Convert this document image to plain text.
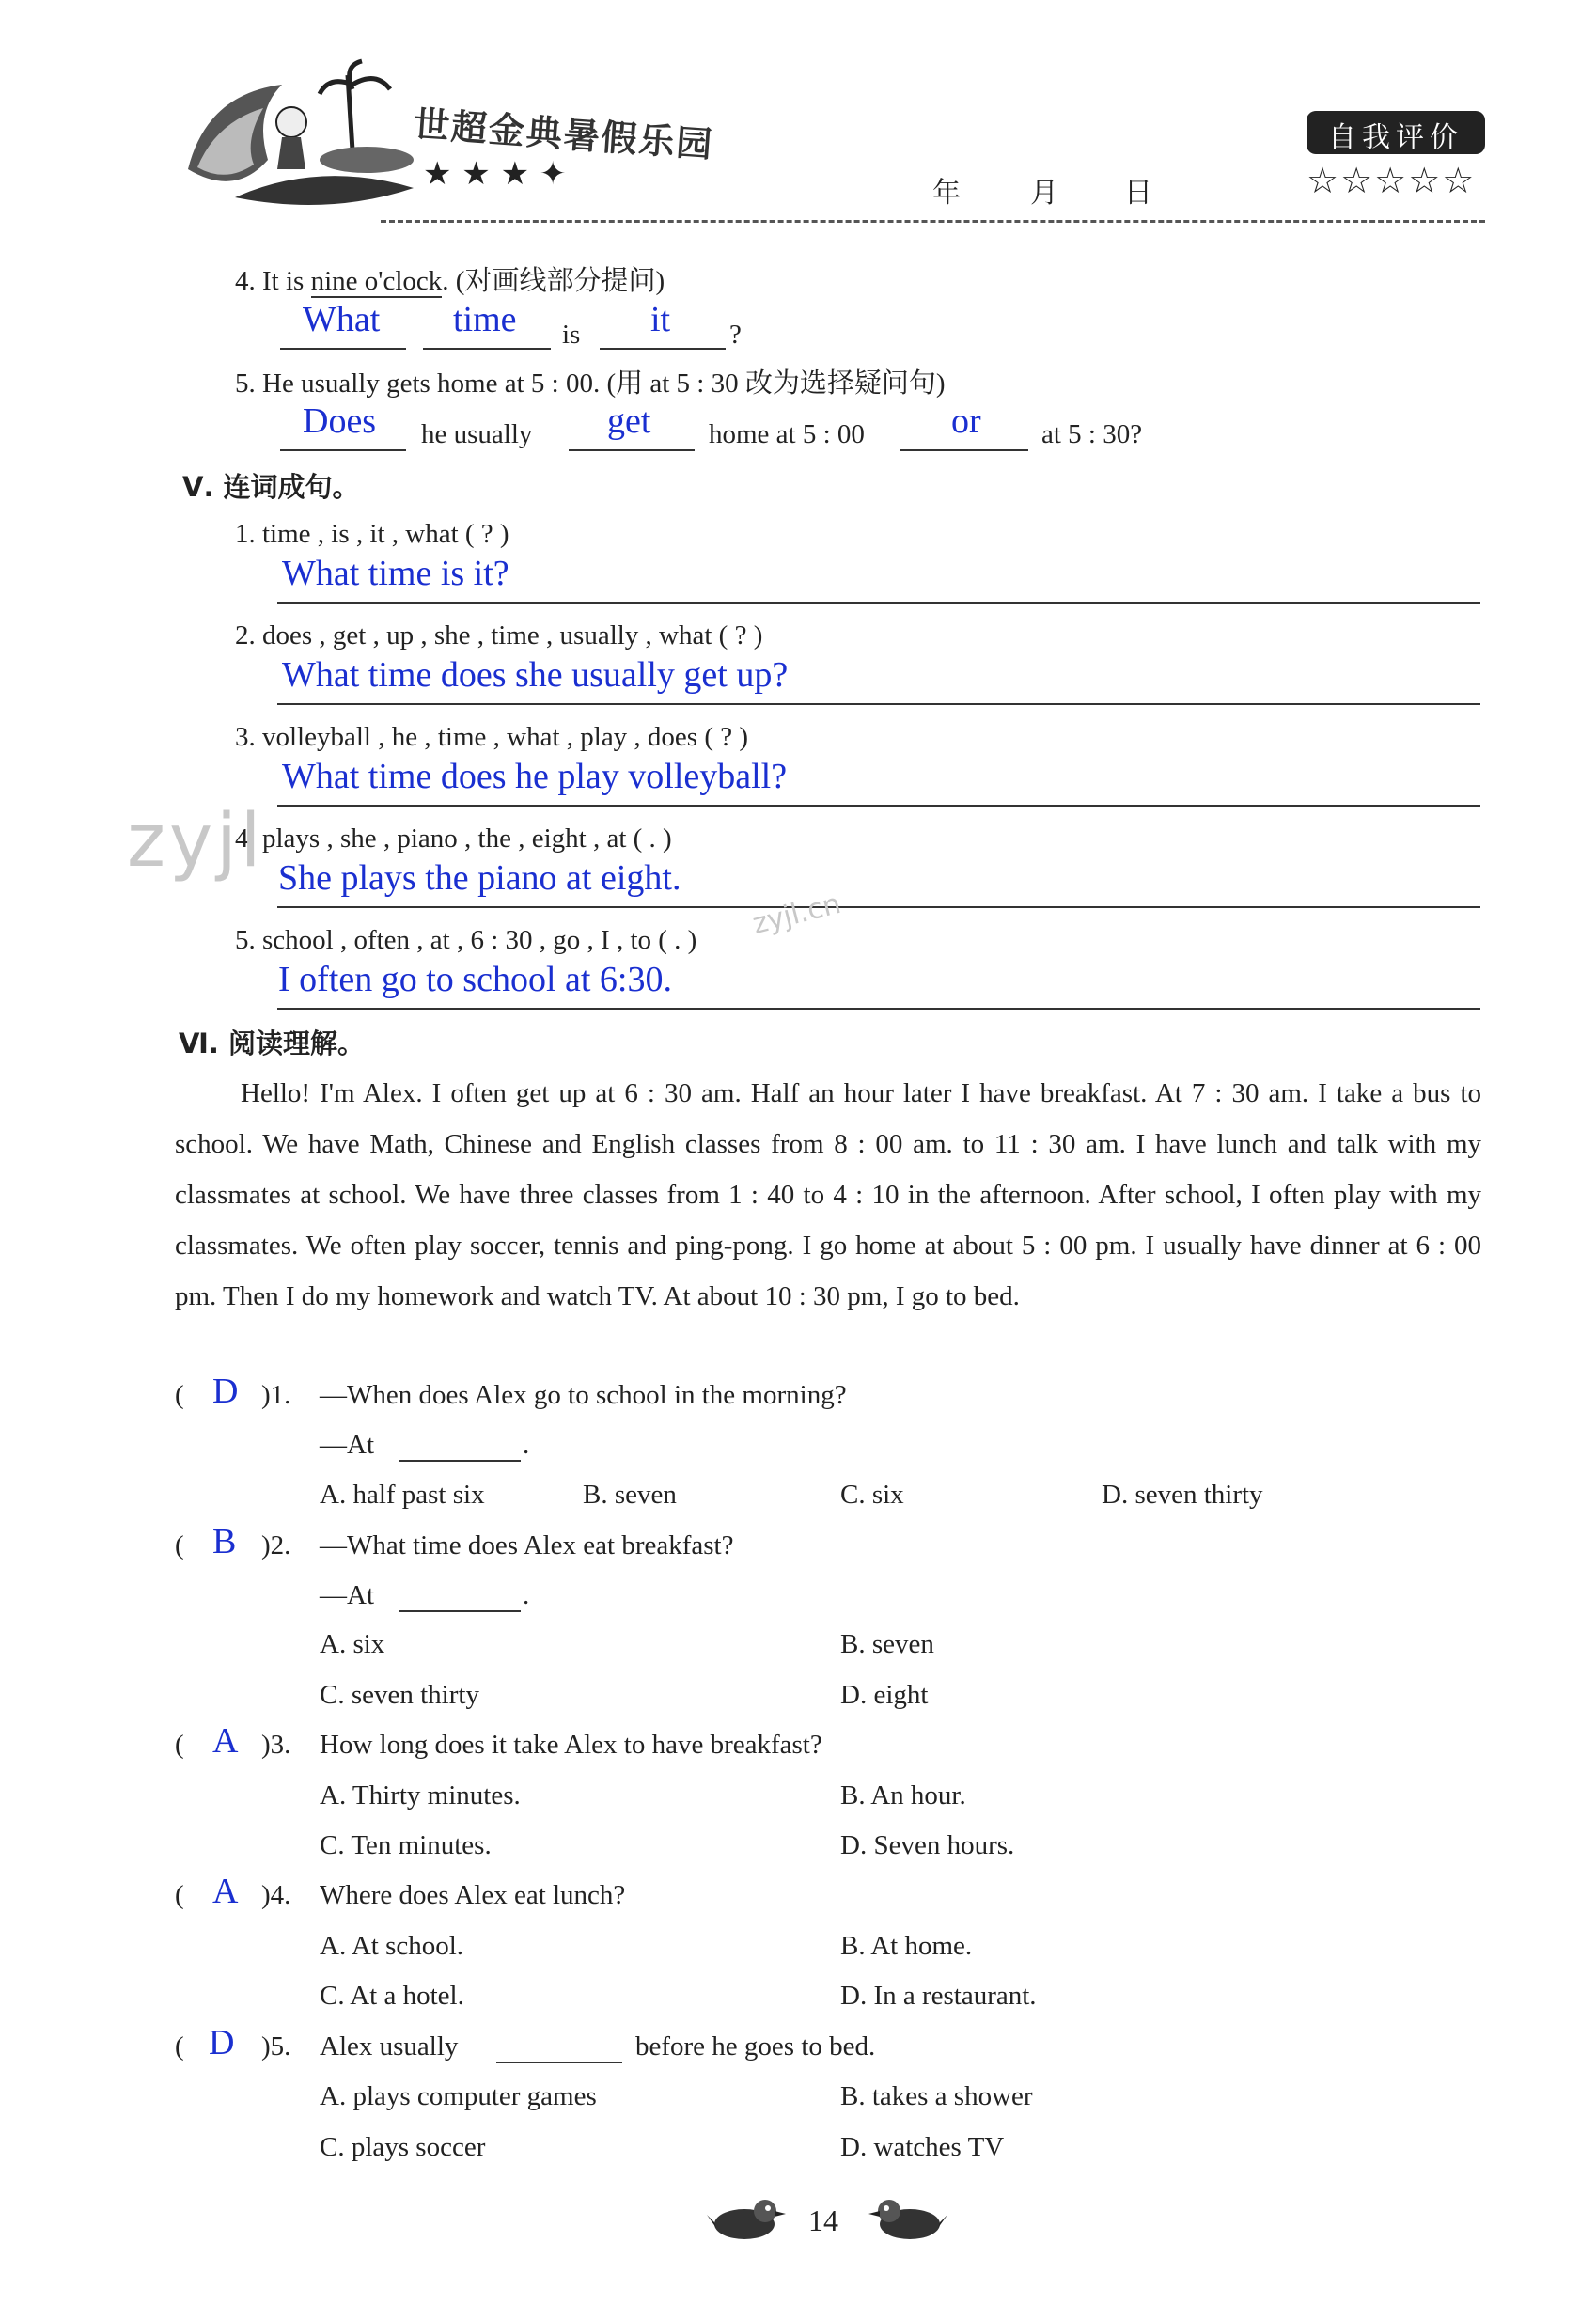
世超金典暑假乐园
★ ★ ★ ✦
年 月 日
自我评价
☆☆☆☆☆
4. It is nine o'clock. (对画线部分提问)
What time is it ?
5. He usually gets home at 5 : 00. (用 at 5 : 30 改为选择疑问句)
Does he usually get home at 5 : 00 or at 5 : 30?
Ⅴ. 连词成句。
1. time , is , it , what ( ? )
What time is it?
2. does , get , up , she , time , usually , what ( ? )
What time does she usually get up?
3. volleyball , he , time , what , play , does ( ? )
What time does he play volleyball?
4. plays , she , piano , the , eight , at ( . )
She plays the piano at eight.
5. school , often , at , 6 : 30 , go , I , to ( . )
I often go to school at 6:30.
zyjl
zyjl.cn
Ⅵ. 阅读理解。
Hello! I'm Alex. I often get up at 6 : 30 am. Half an hour later I have breakfast. At 7 : 30 am. I take a bus to school. We have Math, Chinese and English classes from 8 : 00 am. to 11 : 30 am. I have lunch and talk with my classmates at school. We have three classes from 1 : 40 to 4 : 10 in the afternoon. After school, I often play with my classmates. We often play soccer, tennis and ping-pong. I go home at about 5 : 00 pm. I usually have dinner at 6 : 00 pm. Then I do my homework and watch TV. At about 10 : 30 pm, I go to bed.
( D )1. —When does Alex go to school in the morning?
—At	.
A. half past six	B. seven	C. six	D. seven thirty
( B )2. —What time does Alex eat breakfast?
—At	.
A. six	B. seven
C. seven thirty	D. eight
( A )3. How long does it take Alex to have breakfast?
A. Thirty minutes.	B. An hour.
C. Ten minutes.	D. Seven hours.
( A )4. Where does Alex eat lunch?
A. At school.	B. At home.
C. At a hotel.	D. In a restaurant.
( D )5. Alex usually	before he goes to bed.
A. plays computer games	B. takes a shower
C. plays soccer	D. watches TV
14
